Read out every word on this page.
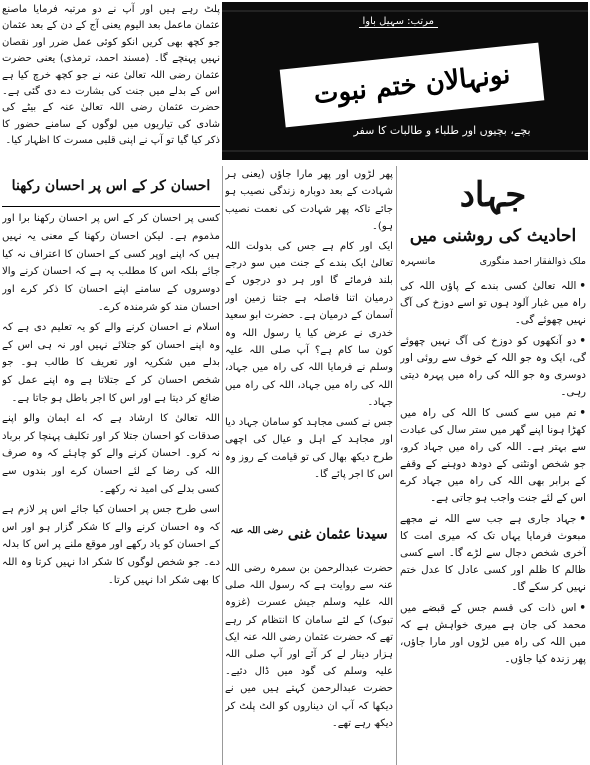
مرتب: سہیل باوا
نونہالان ختم نبوت
بچے، بچیوں اور طلباء و طالبات کا سفر

پلٹ رہے ہیں اور آپ نے دو مرتبہ فرمایا ماصنع عثمان ماعمل بعد الیوم یعنی آج کے دن کے بعد عثمان جو کچھ بھی کریں انکو کوئی عمل ضرر اور نقصان نہیں پہنچے گا۔ (مسند احمد، ترمذی) یعنی حضرت عثمان رضی اللہ تعالیٰ عنہ نے جو کچھ خرچ کیا ہے اس کے بدلے میں جنت کی بشارت دے دی گئی ہے۔ حضرت عثمان رضی اللہ تعالیٰ عنہ کے بیٹے کی شادی کی تیاریوں میں لوگوں کے سامنے حضور کا ذکر کیا گیا تو آپ نے اپنی قلبی مسرت کا اظہار کیا۔

احسان کر کے اس پر احسان رکھنا

کسی پر احسان کر کے اس پر احسان رکھنا برا اور مذموم ہے۔ لیکن احسان رکھنا کے معنی یہ نہیں ہیں کہ اپنے اوپر کسی کے احسان کا اعتراف نہ کیا جائے بلکہ اس کا مطلب یہ ہے کہ احسان کرنے والا دوسروں کے سامنے اپنے احسان کا ذکر کرے اور احسان مند کو شرمندہ کرے۔

اسلام نے احسان کرنے والے کو یہ تعلیم دی ہے کہ وہ اپنے احسان کو جتلائے نہیں اور نہ ہی اس کے بدلے میں شکریہ اور تعریف کا طالب ہو۔ جو شخص احسان کر کے جتلاتا ہے وہ اپنے عمل کو ضائع کر دیتا ہے اور اس کا اجر باطل ہو جاتا ہے۔

اللہ تعالیٰ کا ارشاد ہے کہ اے ایمان والو اپنے صدقات کو احسان جتلا کر اور تکلیف پہنچا کر برباد نہ کرو۔ احسان کرنے والے کو چاہئے کہ وہ صرف اللہ کی رضا کے لئے احسان کرے اور بندوں سے کسی بدلے کی امید نہ رکھے۔

اسی طرح جس پر احسان کیا جائے اس پر لازم ہے کہ وہ احسان کرنے والے کا شکر گزار ہو اور اس کے احسان کو یاد رکھے اور موقع ملنے پر اس کا بدلہ دے۔ جو شخص لوگوں کا شکر ادا نہیں کرتا وہ اللہ کا بھی شکر ادا نہیں کرتا۔

پھر لڑوں اور پھر مارا جاؤں (یعنی ہر شہادت کے بعد دوبارہ زندگی نصیب ہو جائے تاکہ پھر شہادت کی نعمت نصیب ہو)۔

ایک اور کام ہے جس کی بدولت اللہ تعالیٰ ایک بندے کے جنت میں سو درجے بلند فرمائے گا اور ہر دو درجوں کے درمیان اتنا فاصلہ ہے جتنا زمین اور آسمان کے درمیان ہے۔ حضرت ابو سعید خدری نے عرض کیا یا رسول اللہ وہ کون سا کام ہے؟ آپ صلی اللہ علیہ وسلم نے فرمایا اللہ کی راہ میں جہاد، اللہ کی راہ میں جہاد، اللہ کی راہ میں جہاد۔

جس نے کسی مجاہد کو سامان جہاد دیا اور مجاہد کے اہل و عیال کی اچھی طرح دیکھ بھال کی تو قیامت کے روز وہ اس کا اجر پائے گا۔

سیدنا عثمان غنی $^{رضی اللہ عنہ}$

حضرت عبدالرحمن بن سمرہ رضی اللہ عنہ سے روایت ہے کہ رسول اللہ صلی اللہ علیہ وسلم جیش عسرت (غزوہ تبوک) کے لئے سامان کا انتظام کر رہے تھے کہ حضرت عثمان رضی اللہ عنہ ایک ہزار دینار لے کر آئے اور آپ صلی اللہ علیہ وسلم کی گود میں ڈال دئیے۔ حضرت عبدالرحمن کہتے ہیں میں نے دیکھا کہ آپ ان دیناروں کو الٹ پلٹ کر دیکھ رہے تھے۔

جہاد
احادیث کی روشنی میں
ملک ذوالفقار احمد منگوری
مانسہرہ

•اللہ تعالیٰ کسی بندے کے پاؤں اللہ کی راہ میں غبار آلود ہوں تو اسے دوزخ کی آگ نہیں چھوئے گی۔

•دو آنکھوں کو دوزخ کی آگ نہیں چھوئے گی، ایک وہ جو اللہ کے خوف سے روئی اور دوسری وہ جو اللہ کی راہ میں پہرہ دیتی رہی۔

•تم میں سے کسی کا اللہ کی راہ میں کھڑا ہونا اپنے گھر میں ستر سال کی عبادت سے بہتر ہے۔ اللہ کی راہ میں جہاد کرو، جو شخص اونٹنی کے دودھ دوہنے کے وقفے کے برابر بھی اللہ کی راہ میں جہاد کرے اس کے لئے جنت واجب ہو جاتی ہے۔

•جہاد جاری ہے جب سے اللہ نے مجھے مبعوث فرمایا یہاں تک کہ میری امت کا آخری شخص دجال سے لڑے گا۔ اسے کسی ظالم کا ظلم اور کسی عادل کا عدل ختم نہیں کر سکے گا۔

•اس ذات کی قسم جس کے قبضے میں محمد کی جان ہے میری خواہش ہے کہ میں اللہ کی راہ میں لڑوں اور مارا جاؤں، پھر زندہ کیا جاؤں۔
